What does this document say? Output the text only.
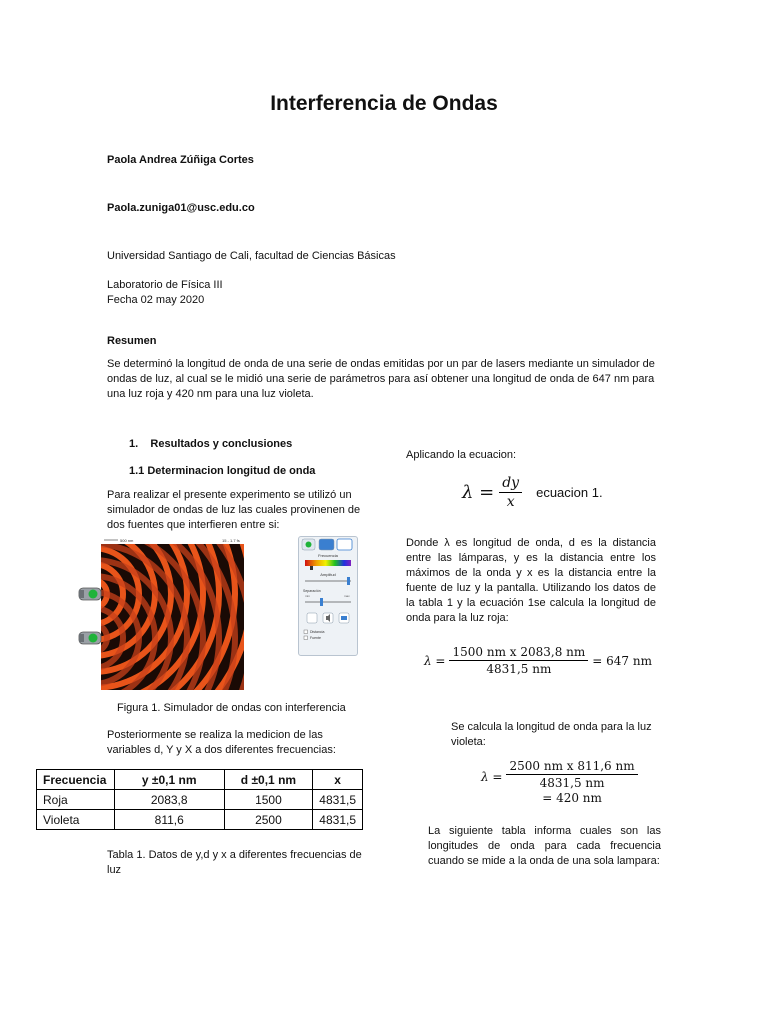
Interferencia de Ondas
Paola Andrea Zúñiga Cortes
Paola.zuniga01@usc.edu.co
Universidad Santiago de Cali, facultad de Ciencias Básicas
Laboratorio de Física III
Fecha 02 may 2020
Resumen
Se determinó la longitud de onda de una serie de ondas emitidas por un par de lasers mediante un simulador de ondas de luz, al cual se le midió una serie de parámetros para así obtener una longitud de onda de 647 nm para una luz roja y 420 nm para una luz violeta.
1. Resultados y conclusiones
1.1 Determinacion longitud de onda
Para realizar el presente experimento se utilizó un simulador de ondas de luz las cuales provinenen de dos fuentes que interfieren entre si:
500 nm	15 - 1.7 fs
Frecuencia
Amplitud
Separación
min	max
Distancia
Fuente
Figura 1. Simulador de ondas con interferencia
Posteriormente se realiza la medicion de las variables d, Y y X a dos diferentes frecuencias:
Frecuencia	y ±0,1 nm	d ±0,1 nm	x
Roja	2083,8	1500	4831,5
Violeta	811,6	2500	4831,5
Tabla 1. Datos de y,d y x a diferentes frecuencias de luz
Aplicando la ecuacion:
$\lambda = \frac{dy}{x}$ ecuacion 1.
Donde λ es longitud de onda, d es la distancia entre las lámparas, y es la distancia entre los máximos de la onda y x es la distancia entre la fuente de luz y la pantalla. Utilizando los datos de la tabla 1 y la ecuación 1se calcula la longitud de onda para la luz roja:
$\lambda = \frac{\text{1500 nm x 2083,8 nm}}{4831,5 nm} = 647$ nm
Se calcula la longitud de onda para la luz violeta:
$\lambda = \frac{\text{2500 nm x 811,6 nm}}{4831,5 nm}$
= 420 nm
La siguiente tabla informa cuales son las longitudes de onda para cada frecuencia cuando se mide a la onda de una sola lampara:
